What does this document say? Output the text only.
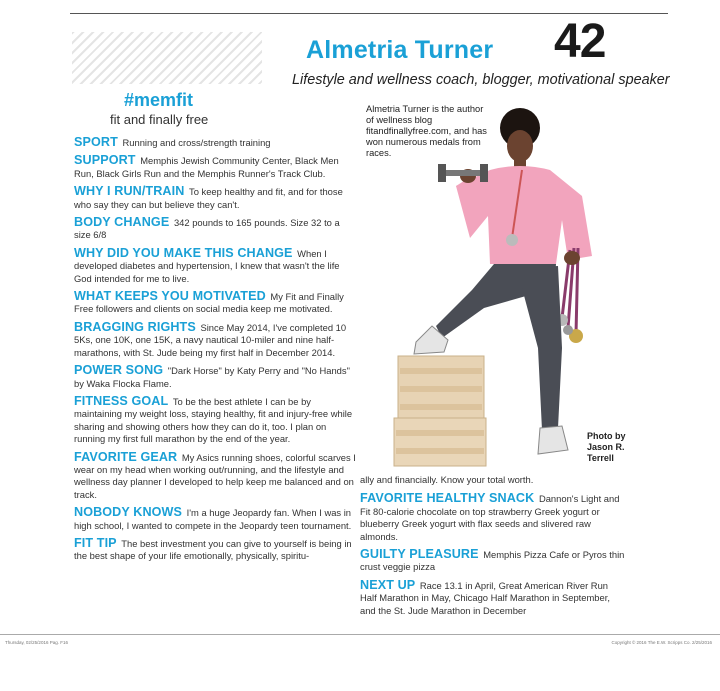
Almetria Turner 42
Lifestyle and wellness coach, blogger, motivational speaker
#memfit
fit and finally free
SPORT Running and cross/strength training
SUPPORT Memphis Jewish Community Center, Black Men Run, Black Girls Run and the Memphis Runner's Track Club.
WHY I RUN/TRAIN To keep healthy and fit, and for those who say they can but believe they can't.
BODY CHANGE 342 pounds to 165 pounds. Size 32 to a size 6/8
WHY DID YOU MAKE THIS CHANGE When I developed diabetes and hypertension, I knew that wasn't the life God intended for me to live.
WHAT KEEPS YOU MOTIVATED My Fit and Finally Free followers and clients on social media keep me motivated.
BRAGGING RIGHTS Since May 2014, I've completed 10 5Ks, one 10K, one 15K, a navy nautical 10-miler and nine half-marathons, with St. Jude being my first half in December 2014.
POWER SONG "Dark Horse" by Katy Perry and "No Hands" by Waka Flocka Flame.
FITNESS GOAL To be the best athlete I can be by maintaining my weight loss, staying healthy, fit and injury-free while sharing and showing others how they can do it, too. I plan on running my first full marathon by the end of the year.
FAVORITE GEAR My Asics running shoes, colorful scarves I wear on my head when working out/running, and the lifestyle and wellness day planner I developed to help keep me balanced and on track.
NOBODY KNOWS I'm a huge Jeopardy fan. When I was in high school, I wanted to compete in the Jeopardy teen tournament.
FIT TIP The best investment you can give to yourself is being in the best shape of your life emotionally, physically, spiritu-
Almetria Turner is the author of wellness blog fitandfinallyfree.com, and has won numerous medals from races.
Photo by Jason R. Terrell
ally and financially. Know your total worth.
FAVORITE HEALTHY SNACK Dannon's Light and Fit 80-calorie chocolate on top strawberry Greek yogurt or blueberry Greek yogurt with flax seeds and slivered raw almonds.
GUILTY PLEASURE Memphis Pizza Cafe or Pyros thin crust veggie pizza
NEXT UP Race 13.1 in April, Great American River Run Half Marathon in May, Chicago Half Marathon in September, and the St. Jude Marathon in December
Thursday, 02/25/2016 Pag. F16	Copyright © 2016 The E.W. Scripps Co. 2/25/2016
